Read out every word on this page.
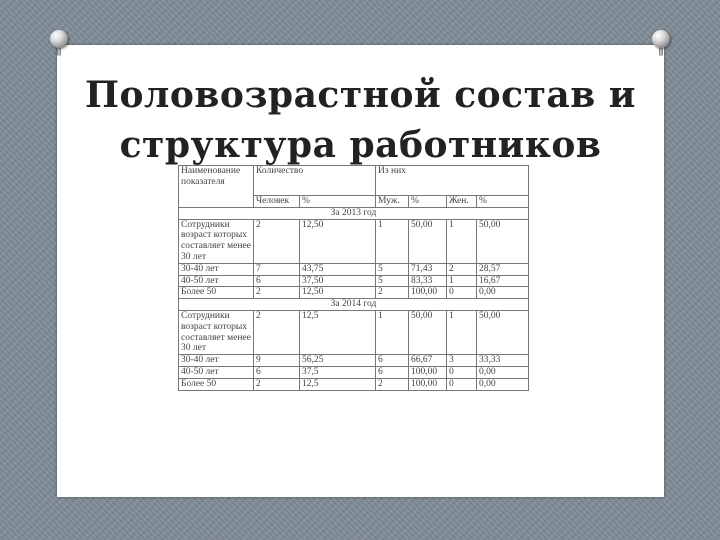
Половозрастной состав и структура работников
Наименование показателя	Количество		Из них			
	Человек	%	Муж.	%	Жен.	%
За 2013 год						
Сотрудники возраст которых составляет менее 30 лет	2	12,50	1	50,00	1	50,00
30-40 лет	7	43,75	5	71,43	2	28,57
40-50 лет	6	37,50	5	83,33	1	16,67
Более 50	2	12,50	2	100,00	0	0,00
За 2014 год						
Сотрудники возраст которых составляет менее 30 лет	2	12,5	1	50,00	1	50,00
30-40 лет	9	56,25	6	66,67	3	33,33
40-50 лет	6	37,5	6	100,00	0	0,00
Более 50	2	12,5	2	100,00	0	0,00
